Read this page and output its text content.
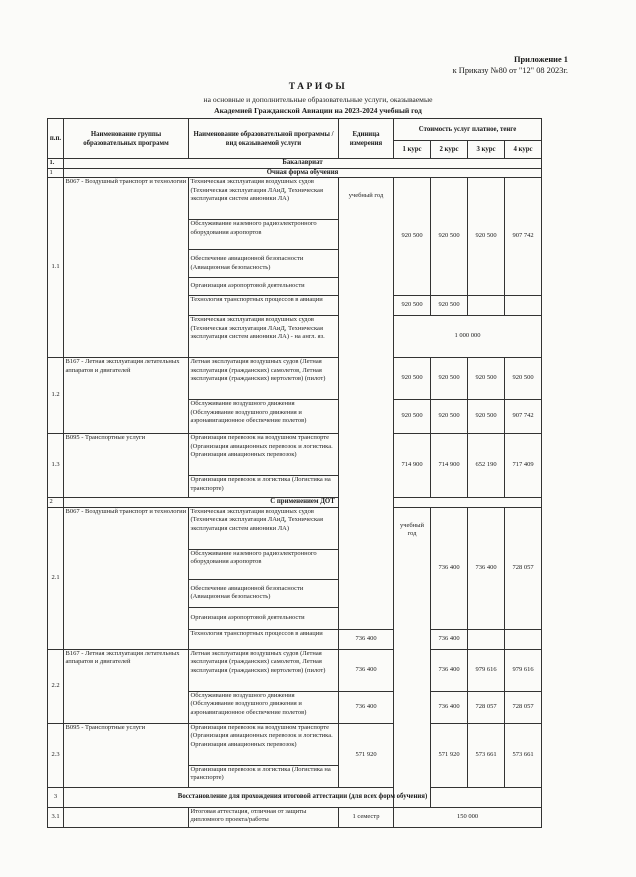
Приложение 1
к Приказу №80 от "12" 08 2023г.
ТАРИФЫ
на основные и дополнительные образовательные услуги, оказываемые
Академией Гражданской Авиации на 2023-2024 учебный год
п.п.	Наименование группы образовательных программ	Наименование образовательной программы / вид оказываемой услуги	Единица измерения	Стоимость услуг платное, тенге				
				1 курс	2 курс	3 курс	4 курс	
1.	Бакалавриат							
1	Очная форма обучения							
1.1	В067 - Воздушный транспорт и технологии	Техническая эксплуатация воздушных судов (Техническая эксплуатация ЛАиД, Техническая эксплуатация систем авионики ЛА)	учебный год	920 500	920 500	920 500	907 742	
		Обслуживание наземного радиоэлектронного оборудования аэропортов						
		Обеспечение авиационной безопасности (Авиационная безопасность)						
		Организация аэропортовой деятельности						
		Технология транспортных процессов в авиации		920 500	920 500			
		Техническая эксплуатация воздушных судов (Техническая эксплуатация ЛАиД, Техническая эксплуатация систем авионики ЛА) - на англ. яз.		1 000 000				
1.2	В167 - Летная эксплуатация летательных аппаратов и двигателей	Летная эксплуатация воздушных судов (Летная эксплуатация (гражданских) самолетов, Летная эксплуатация (гражданских) вертолетов) (пилот)		920 500	920 500	920 500	920 500	
		Обслуживание воздушного движения (Обслуживание воздушного движения и аэронавигационное обеспечение полетов)		920 500	920 500	920 500	907 742	
1.3	В095 - Транспортные услуги	Организация перевозок на воздушном транспорте (Организация авиационных перевозок и логистика. Организация авиационных перевозок)		714 900	714 900	652 190	717 409	
		Организация перевозок и логистика (Логистика на транспорте)						
2	С применением ДОТ							
2.1	В067 - Воздушный транспорт и технологии	Техническая эксплуатация воздушных судов (Техническая эксплуатация ЛАиД, Техническая эксплуатация систем авионики ЛА)		учебный год	736 400	736 400	728 057	
		Обслуживание наземного радиоэлектронного оборудования аэропортов						
		Обеспечение авиационной безопасности (Авиационная безопасность)						
		Организация аэропортовой деятельности						
		Технология транспортных процессов в авиации	736 400		736 400			
2.2	В167 - Летная эксплуатация летательных аппаратов и двигателей	Летная эксплуатация воздушных судов (Летная эксплуатация (гражданских) самолетов, Летная эксплуатация (гражданских) вертолетов) (пилот)	736 400		736 400	979 616	979 616	
		Обслуживание воздушного движения (Обслуживание воздушного движения и аэронавигационное обеспечение полетов)	736 400		736 400	728 057	728 057	
2.3	В095 - Транспортные услуги	Организация перевозок на воздушном транспорте (Организация авиационных перевозок и логистика. Организация авиационных перевозок)	571 920		571 920	573 661	573 661	
		Организация перевозок и логистика (Логистика на транспорте)						
3	Восстановление для прохождения итоговой аттестации (для всех форм обучения)							
3.1		Итоговая аттестация, отличная от защиты дипломного проекта/работы	1 семестр	150 000				
